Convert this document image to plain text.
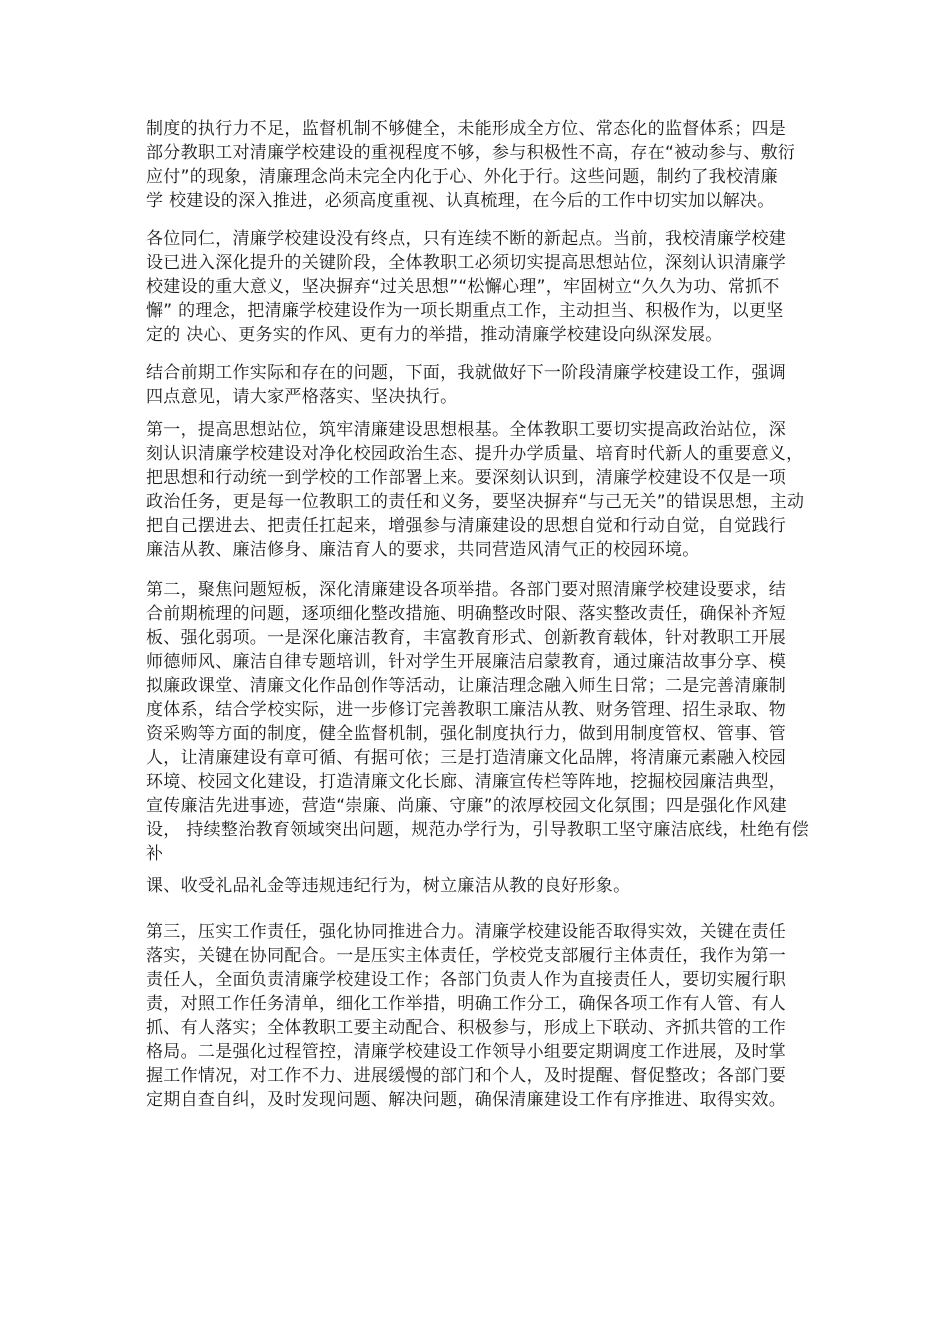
制度的执行力不足，监督机制不够健全，未能形成全方位、常态化的监督体系；四是
部分教职工对清廉学校建设的重视程度不够，参与积极性不高，存在“被动参与、敷衍
应付”的现象，清廉理念尚未完全内化于心、外化于行。这些问题，制约了我校清廉
学 校建设的深入推进，必须高度重视、认真梳理，在今后的工作中切实加以解决。
各位同仁，清廉学校建设没有终点，只有连续不断的新起点。当前，我校清廉学校建
设已进入深化提升的关键阶段，全体教职工必须切实提高思想站位，深刻认识清廉学
校建设的重大意义，坚决摒弃“过关思想”“松懈心理”，牢固树立“久久为功、常抓不
懈” 的理念，把清廉学校建设作为一项长期重点工作，主动担当、积极作为，以更坚
定的 决心、更务实的作风、更有力的举措，推动清廉学校建设向纵深发展。
结合前期工作实际和存在的问题，下面，我就做好下一阶段清廉学校建设工作，强调
四点意见，请大家严格落实、坚决执行。
第一，提高思想站位，筑牢清廉建设思想根基。全体教职工要切实提高政治站位，深
刻认识清廉学校建设对净化校园政治生态、提升办学质量、培育时代新人的重要意义，
把思想和行动统一到学校的工作部署上来。要深刻认识到，清廉学校建设不仅是一项
政治任务，更是每一位教职工的责任和义务，要坚决摒弃“与己无关”的错误思想，主动
把自己摆进去、把责任扛起来，增强参与清廉建设的思想自觉和行动自觉，自觉践行
廉洁从教、廉洁修身、廉洁育人的要求，共同营造风清气正的校园环境。
第二，聚焦问题短板，深化清廉建设各项举措。各部门要对照清廉学校建设要求，结
合前期梳理的问题，逐项细化整改措施、明确整改时限、落实整改责任，确保补齐短
板、强化弱项。一是深化廉洁教育，丰富教育形式、创新教育载体，针对教职工开展
师德师风、廉洁自律专题培训，针对学生开展廉洁启蒙教育，通过廉洁故事分享、模
拟廉政课堂、清廉文化作品创作等活动，让廉洁理念融入师生日常；二是完善清廉制
度体系，结合学校实际，进一步修订完善教职工廉洁从教、财务管理、招生录取、物
资采购等方面的制度，健全监督机制，强化制度执行力，做到用制度管权、管事、管
人，让清廉建设有章可循、有据可依；三是打造清廉文化品牌，将清廉元素融入校园
环境、校园文化建设，打造清廉文化长廊、清廉宣传栏等阵地，挖掘校园廉洁典型，
宣传廉洁先进事迹，营造“崇廉、尚廉、守廉”的浓厚校园文化氛围；四是强化作风建
设， 持续整治教育领域突出问题，规范办学行为，引导教职工坚守廉洁底线，杜绝有偿
补
课、收受礼品礼金等违规违纪行为，树立廉洁从教的良好形象。
第三，压实工作责任，强化协同推进合力。清廉学校建设能否取得实效，关键在责任
落实，关键在协同配合。一是压实主体责任，学校党支部履行主体责任，我作为第一
责任人，全面负责清廉学校建设工作；各部门负责人作为直接责任人，要切实履行职
责，对照工作任务清单，细化工作举措，明确工作分工，确保各项工作有人管、有人
抓、有人落实；全体教职工要主动配合、积极参与，形成上下联动、齐抓共管的工作
格局。二是强化过程管控，清廉学校建设工作领导小组要定期调度工作进展，及时掌
握工作情况，对工作不力、进展缓慢的部门和个人，及时提醒、督促整改；各部门要
定期自查自纠，及时发现问题、解决问题，确保清廉建设工作有序推进、取得实效。
